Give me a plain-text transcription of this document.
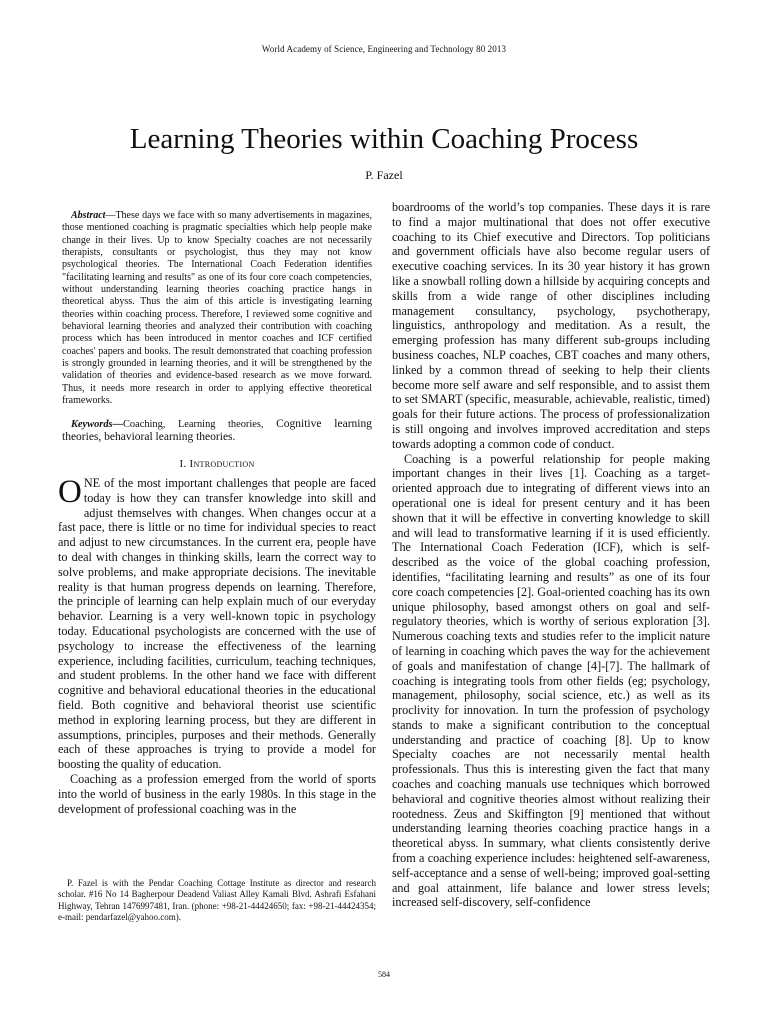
World Academy of Science, Engineering and Technology 80 2013
Learning Theories within Coaching Process
P. Fazel

Abstract—These days we face with so many advertisements in magazines, those mentioned coaching is pragmatic specialties which help people make change in their lives. Up to know Specialty coaches are not necessarily therapists, consultants or psychologist, thus they may not know psychological theories. The International Coach Federation identifies "facilitating learning and results" as one of its four core coach competencies, without understanding learning theories coaching practice hangs in theoretical abyss. Thus the aim of this article is investigating learning theories within coaching process. Therefore, I reviewed some cognitive and behavioral learning theories and analyzed their contribution with coaching process which has been introduced in mentor coaches and ICF certified coaches' papers and books. The result demonstrated that coaching profession is strongly grounded in learning theories, and it will be strengthened by the validation of theories and evidence-based research as we move forward. Thus, it needs more research in order to applying effective theoretical frameworks.

Keywords—Coaching, Learning theories, Cognitive learning theories, behavioral learning theories.

I. Introduction

ONE of the most important challenges that people are faced today is how they can transfer knowledge into skill and adjust themselves with changes. When changes occur at a fast pace, there is little or no time for individual species to react and adjust to new circumstances. In the current era, people have to deal with changes in thinking skills, learn the correct way to solve problems, and make appropriate decisions. The inevitable reality is that human progress depends on learning. Therefore, the principle of learning can help explain much of our everyday behavior. Learning is a very well-known topic in psychology today. Educational psychologists are concerned with the use of psychology to increase the effectiveness of the learning experience, including facilities, curriculum, teaching techniques, and student problems. In the other hand we face with different cognitive and behavioral educational theories in the educational field. Both cognitive and behavioral theorist use scientific method in exploring learning process, but they are different in assumptions, principles, purposes and their methods. Generally each of these approaches is trying to provide a model for boosting the quality of education.

Coaching as a profession emerged from the world of sports into the world of business in the early 1980s. In this stage in the development of professional coaching was in the

boardrooms of the world’s top companies. These days it is rare to find a major multinational that does not offer executive coaching to its Chief executive and Directors. Top politicians and government officials have also become regular users of executive coaching services. In its 30 year history it has grown like a snowball rolling down a hillside by acquiring concepts and skills from a wide range of other disciplines including management consultancy, psychology, psychotherapy, linguistics, anthropology and meditation. As a result, the emerging profession has many different sub-groups including business coaches, NLP coaches, CBT coaches and many others, linked by a common thread of seeking to help their clients become more self aware and self responsible, and to assist them to set SMART (specific, measurable, achievable, realistic, timed) goals for their future actions. The process of professionalization is still ongoing and involves improved accreditation and steps towards adopting a common code of conduct.

Coaching is a powerful relationship for people making important changes in their lives [1]. Coaching as a target-oriented approach due to integrating of different views into an operational one is ideal for present century and it has been shown that it will be effective in converting knowledge to skill and will lead to transformative learning if it is used efficiently. The International Coach Federation (ICF), which is self-described as the voice of the global coaching profession, identifies, “facilitating learning and results” as one of its four core coach competencies [2]. Goal-oriented coaching has its own unique philosophy, based amongst others on goal and self-regulatory theories, which is worthy of serious exploration [3]. Numerous coaching texts and studies refer to the implicit nature of learning in coaching which paves the way for the achievement of goals and manifestation of change [4]-[7]. The hallmark of coaching is integrating tools from other fields (eg; psychology, management, philosophy, social science, etc.) as well as its proclivity for innovation. In turn the profession of psychology stands to make a significant contribution to the conceptual understanding and practice of coaching [8]. Up to know Specialty coaches are not necessarily mental health professionals. Thus this is interesting given the fact that many coaches and coaching manuals use techniques which borrowed behavioral and cognitive theories almost without realizing their rootedness. Zeus and Skiffington [9] mentioned that without understanding learning theories coaching practice hangs in a theoretical abyss. In summary, what clients consistently derive from a coaching experience includes: heightened self-awareness, self-acceptance and a sense of well-being; improved goal-setting and goal attainment, life balance and lower stress levels; increased self-discovery, self-confidence

P. Fazel is with the Pendar Coaching Cottage Institute as director and research scholar. #16 No 14 Bagherpour Deadend Valiast Alley Kamali Blvd. Ashrafi Esfahani Highway, Tehran 1476997481, Iran. (phone: +98-21-44424650; fax: +98-21-44424354; e-mail: pendarfazel@yahoo.com).
584
